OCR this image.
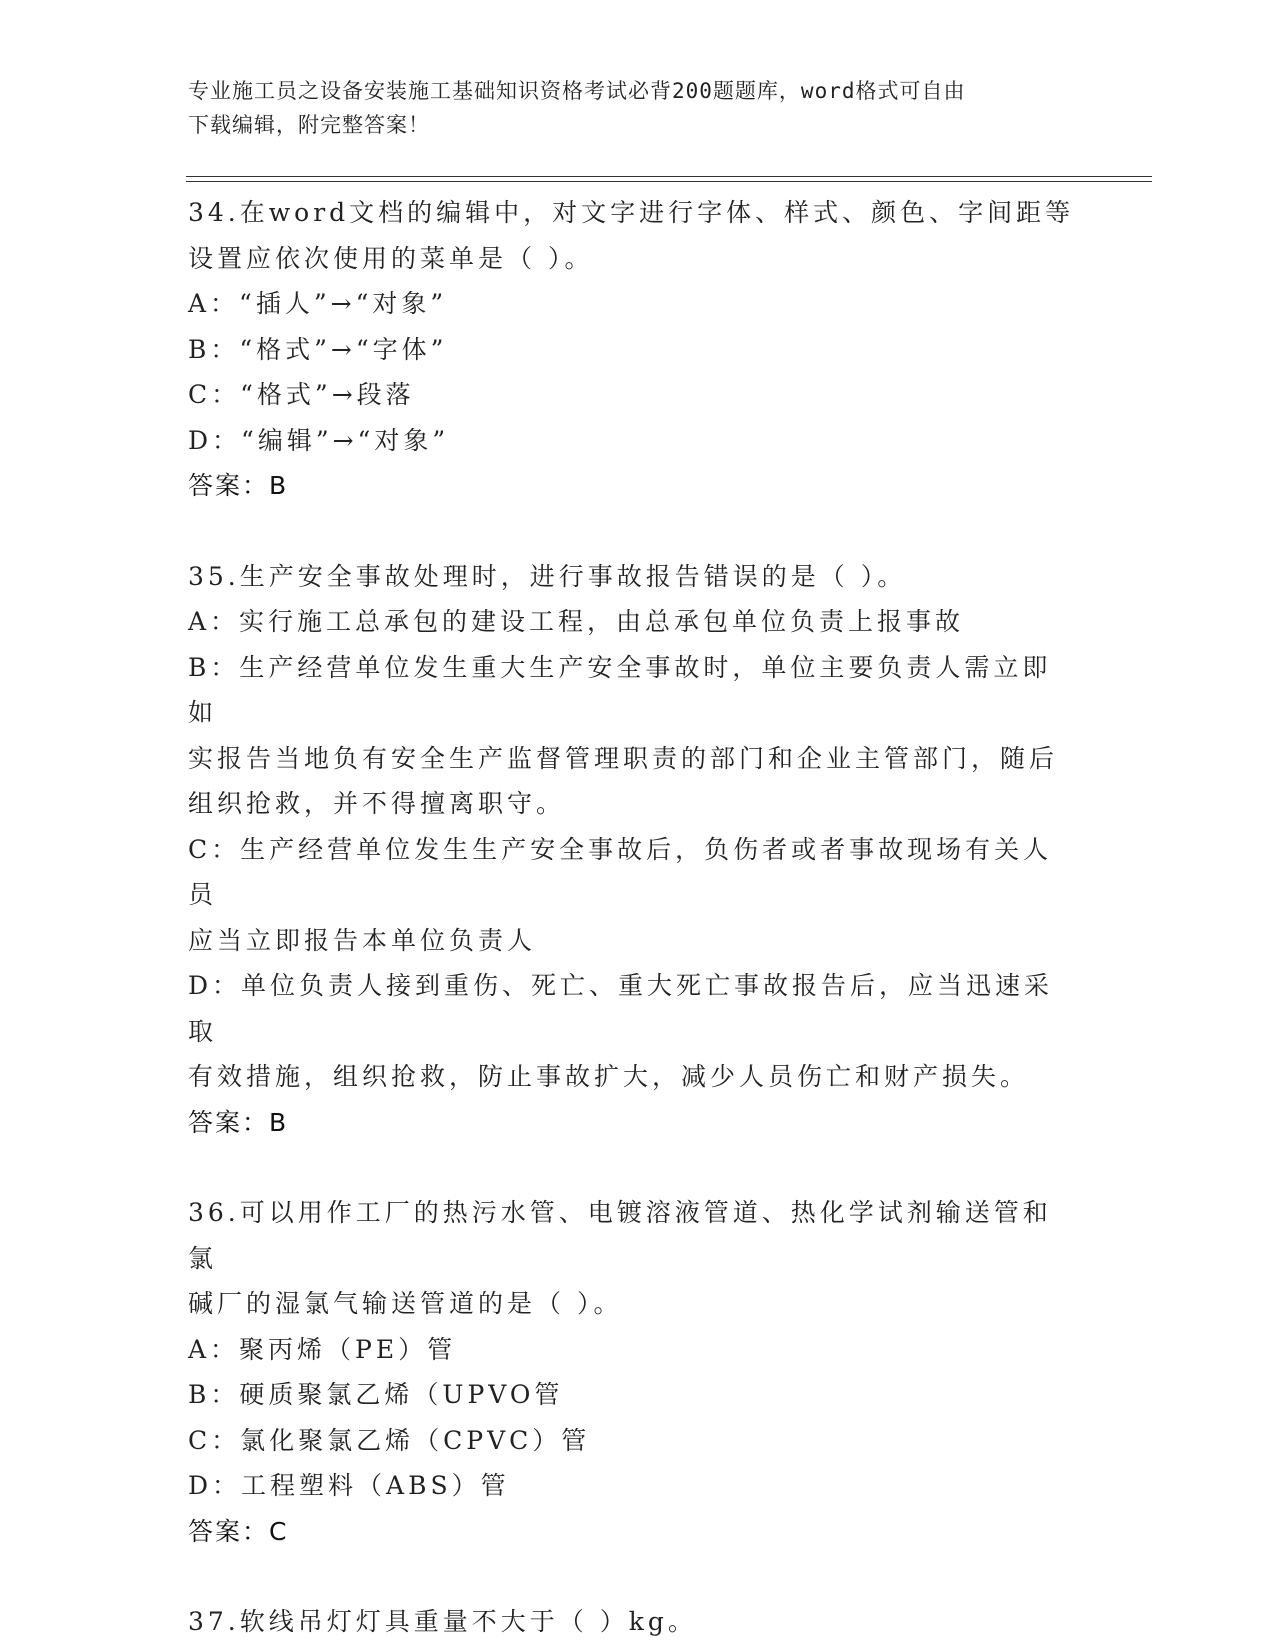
专业施工员之设备安装施工基础知识资格考试必背200题题库，word格式可自由
下载编辑，附完整答案！
34.在word文档的编辑中，对文字进行字体、样式、颜色、字间距等
设置应依次使用的菜单是（ ）。
A：“插人”→“对象”
B：“格式”→“字体”
C：“格式”→段落
D：“编辑”→“对象”
答案：B
35.生产安全事故处理时，进行事故报告错误的是（ ）。
A：实行施工总承包的建设工程，由总承包单位负责上报事故
B：生产经营单位发生重大生产安全事故时，单位主要负责人需立即如
实报告当地负有安全生产监督管理职责的部门和企业主管部门，随后
组织抢救，并不得擅离职守。
C：生产经营单位发生生产安全事故后，负伤者或者事故现场有关人员
应当立即报告本单位负责人
D：单位负责人接到重伤、死亡、重大死亡事故报告后，应当迅速采取
有效措施，组织抢救，防止事故扩大，减少人员伤亡和财产损失。
答案：B
36.可以用作工厂的热污水管、电镀溶液管道、热化学试剂输送管和氯
碱厂的湿氯气输送管道的是（ ）。
A：聚丙烯（PE）管
B：硬质聚氯乙烯（UPVO管
C：氯化聚氯乙烯（CPVC）管
D：工程塑料（ABS）管
答案：C
37.软线吊灯灯具重量不大于（ ）kg。
